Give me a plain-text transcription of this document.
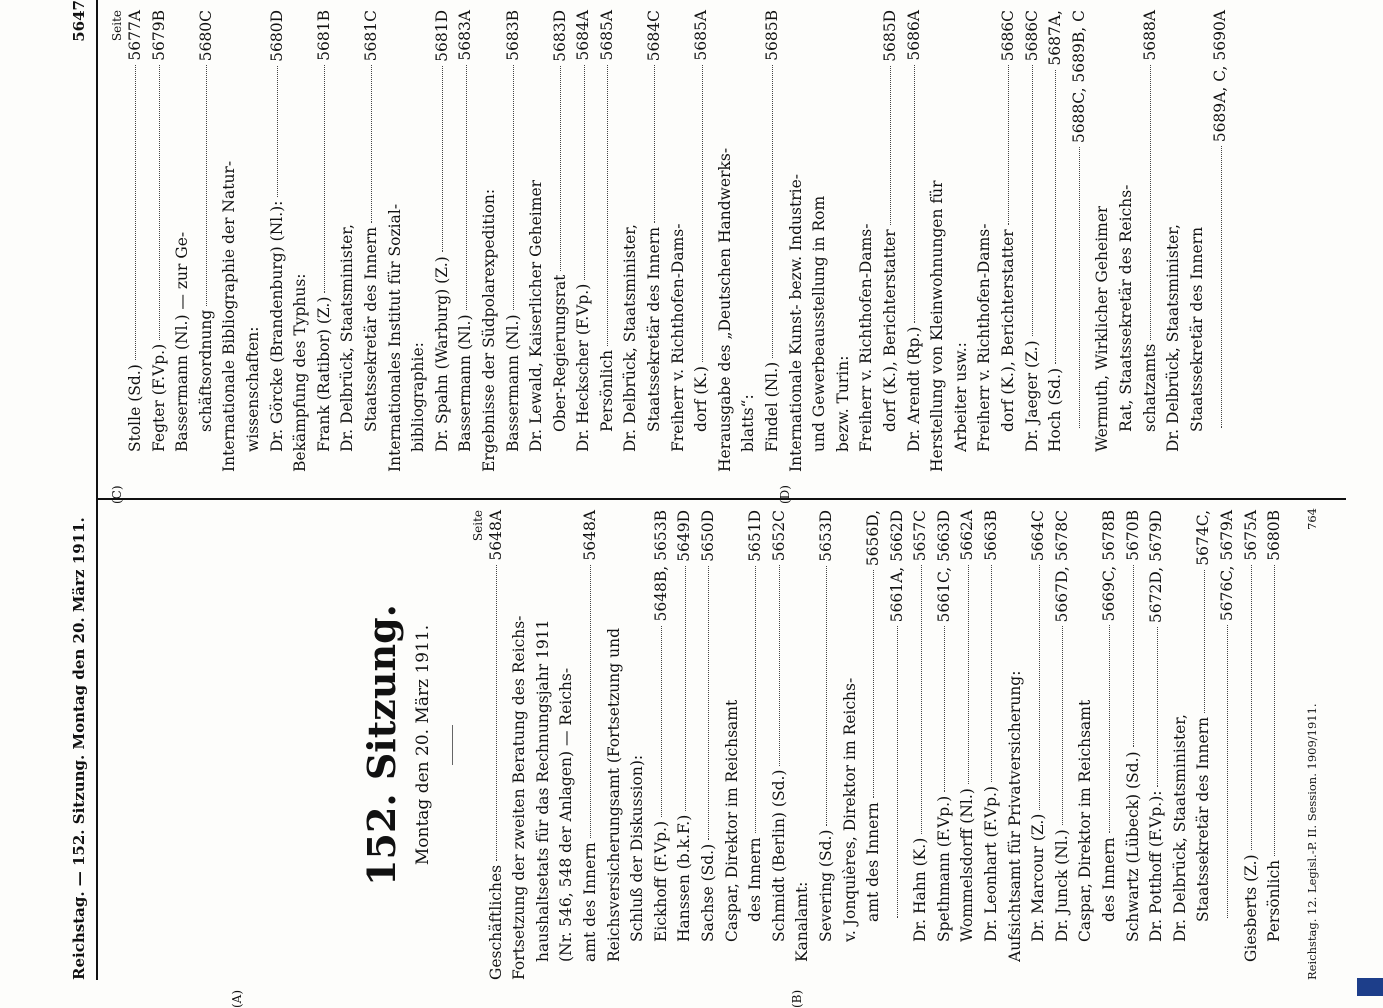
Reichstag. — 152. Sitzung. Montag den 20. März 1911.
5647
(A)	(B)
(C)	(D)
152. Sitzung. Montag den 20. März 1911.
Seite
Geschäftliches
5648A
Fortsetzung der zweiten Beratung des Reichs- haushaltsetats für das Rechnungsjahr 1911 (Nr. 546, 548 der Anlagen) — Reichs- amt des Innern
5648A
Reichsversicherungsamt (Fortsetzung und Schluß der Diskussion): Eickhoff (F.Vp.)
5648B, 5653B
Hanssen (b.k.F.)
5649D
Sachse (Sd.)
5650D
Caspar, Direktor im Reichsamt des Innern
5651D
Schmidt (Berlin) (Sd.)
5652C
Kanalamt: Severing (Sd.)
5653D
v. Jonquières, Direktor im Reichs- amt des Innern
5656D, 5661A, 5662D
Dr. Hahn (K.)
5657C
Spethmann (F.Vp.)
5661C, 5663D
Wommelsdorff (Nl.)
5662A
Dr. Leonhart (F.Vp.)
5663B
Aufsichtsamt für Privatversicherung: Dr. Marcour (Z.)
5664C
Dr. Junck (Nl.)
5667D, 5678C
Caspar, Direktor im Reichsamt des Innern
5669C, 5678B
Schwartz (Lübeck) (Sd.)
5670B
Dr. Potthoff (F.Vp.):
5672D, 5679D
Dr. Delbrück, Staatsminister, Staatssekretär des Innern
5674C, 5676C, 5679A
Giesberts (Z.)
5675A
Persönlich
5680B
Seite
Stolle (Sd.)
5677A
Fegter (F.Vp.)
5679B
Bassermann (Nl.) — zur Ge- schäftsordnung
5680C
Internationale Bibliographie der Natur- wissenschaften: Dr. Görcke (Brandenburg) (Nl.):
5680D
Bekämpfung des Typhus: Frank (Ratibor) (Z.)
5681B
Dr. Delbrück, Staatsminister, Staatssekretär des Innern
5681C
Internationales Institut für Sozial- bibliographie: Dr. Spahn (Warburg) (Z.)
5681D
Bassermann (Nl.)
5683A
Ergebnisse der Südpolarexpedition: Bassermann (Nl.)
5683B
Dr. Lewald, Kaiserlicher Geheimer Ober-Regierungsrat
5683D
Dr. Heckscher (F.Vp.)
5684A
Persönlich
5685A
Dr. Delbrück, Staatsminister, Staatssekretär des Innern
5684C
Freiherr v. Richthofen-Dams- dorf (K.)
5685A
Herausgabe des „Deutschen Handwerks- blatts“: Findel (Nl.)
5685B
Internationale Kunst- bezw. Industrie- und Gewerbeausstellung in Rom bezw. Turin: Freiherr v. Richthofen-Dams- dorf (K.), Berichterstatter
5685D
Dr. Arendt (Rp.)
5686A
Herstellung von Kleinwohnungen für Arbeiter usw.: Freiherr v. Richthofen-Dams- dorf (K.), Berichterstatter
5686C
Dr. Jaeger (Z.)
5686C
Hoch (Sd.)
5687A, 5688C, 5689B, C
Wermuth, Wirklicher Geheimer Rat, Staatssekretär des Reichs- schatzamts
5688A
Dr. Delbrück, Staatsminister, Staatssekretär des Innern
5689A, C, 5690A
Reichstag. 12. Legisl.-P. II. Session. 1909/1911.
764
